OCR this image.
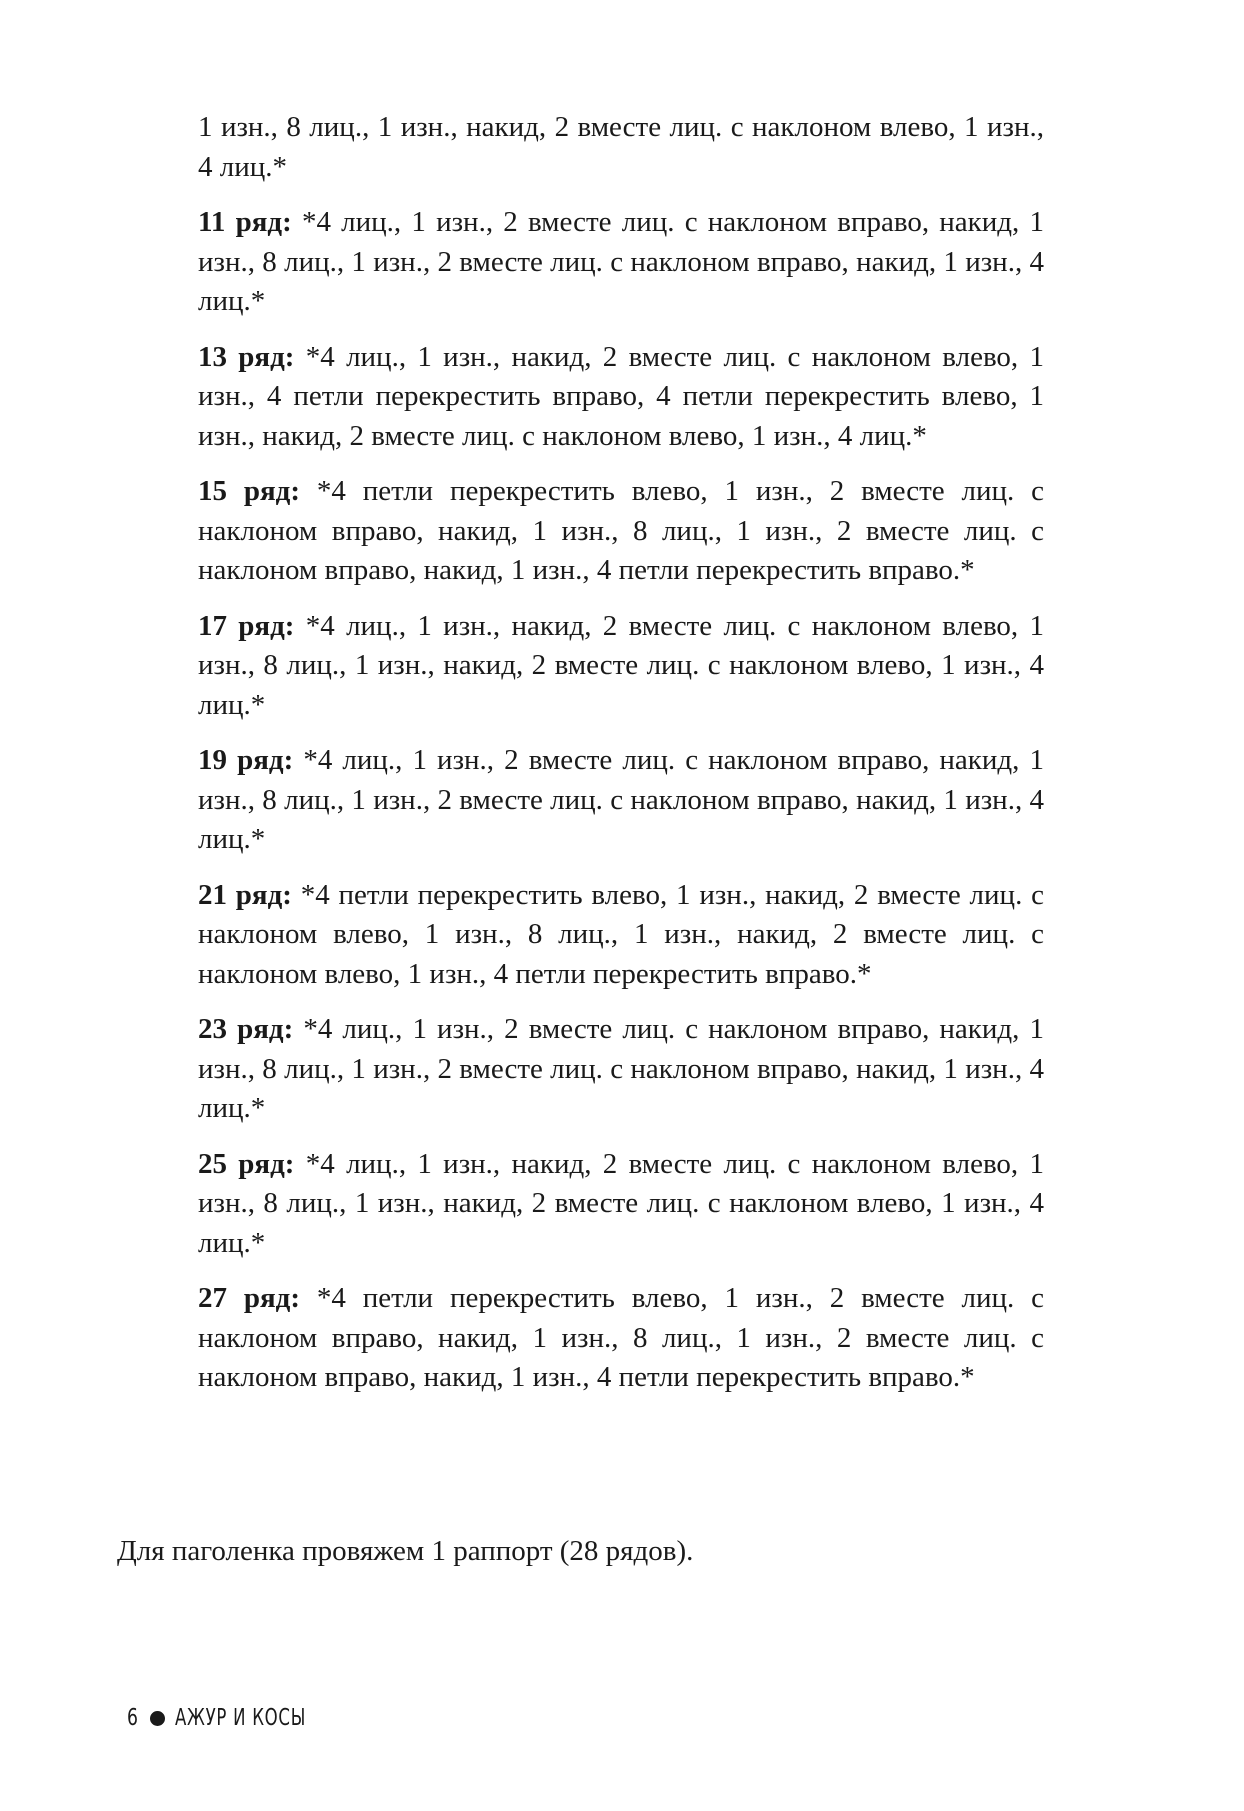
1 изн., 8 лиц., 1 изн., накид, 2 вместе лиц. с наклоном влево, 1 изн., 4 лиц.*

11 ряд: *4 лиц., 1 изн., 2 вместе лиц. с наклоном вправо, накид, 1 изн., 8 лиц., 1 изн., 2 вместе лиц. с наклоном вправо, накид, 1 изн., 4 лиц.*

13 ряд: *4 лиц., 1 изн., накид, 2 вместе лиц. с наклоном влево, 1 изн., 4 петли перекрестить вправо, 4 петли перекрестить влево, 1 изн., накид, 2 вместе лиц. с наклоном влево, 1 изн., 4 лиц.*

15 ряд: *4 петли перекрестить влево, 1 изн., 2 вместе лиц. с наклоном вправо, накид, 1 изн., 8 лиц., 1 изн., 2 вместе лиц. с наклоном вправо, накид, 1 изн., 4 петли перекрестить вправо.*

17 ряд: *4 лиц., 1 изн., накид, 2 вместе лиц. с наклоном влево, 1 изн., 8 лиц., 1 изн., накид, 2 вместе лиц. с наклоном влево, 1 изн., 4 лиц.*

19 ряд: *4 лиц., 1 изн., 2 вместе лиц. с наклоном вправо, накид, 1 изн., 8 лиц., 1 изн., 2 вместе лиц. с наклоном вправо, накид, 1 изн., 4 лиц.*

21 ряд: *4 петли перекрестить влево, 1 изн., накид, 2 вместе лиц. с наклоном влево, 1 изн., 8 лиц., 1 изн., накид, 2 вместе лиц. с наклоном влево, 1 изн., 4 петли перекрестить вправо.*

23 ряд: *4 лиц., 1 изн., 2 вместе лиц. с наклоном вправо, накид, 1 изн., 8 лиц., 1 изн., 2 вместе лиц. с наклоном вправо, накид, 1 изн., 4 лиц.*

25 ряд: *4 лиц., 1 изн., накид, 2 вместе лиц. с наклоном влево, 1 изн., 8 лиц., 1 изн., накид, 2 вместе лиц. с наклоном влево, 1 изн., 4 лиц.*

27 ряд: *4 петли перекрестить влево, 1 изн., 2 вместе лиц. с наклоном вправо, накид, 1 изн., 8 лиц., 1 изн., 2 вместе лиц. с наклоном вправо, накид, 1 изн., 4 петли перекрестить вправо.*

Для паголенка провяжем 1 раппорт (28 рядов).

6 АЖУР И КОСЫ
